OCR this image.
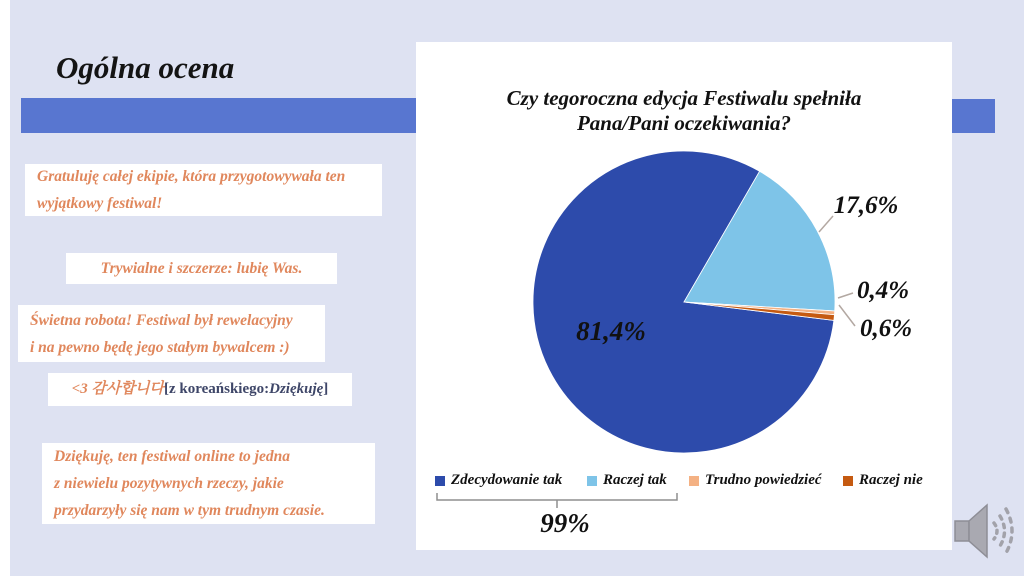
Ogólna ocena
Gratuluję całej ekipie, która przygotowywała ten
wyjątkowy festiwal!
Trywialne i szczerze: lubię Was.
Świetna robota! Festiwal był rewelacyjny
i na pewno będę jego stałym bywalcem :)
<3 감사합니다 [z koreańskiego: Dziękuję ]
Dziękuję, ten festiwal online to jedna
z niewielu pozytywnych rzeczy, jakie
przydarzyły się nam w tym trudnym czasie.
Czy tegoroczna edycja Festiwalu spełniła
Pana/Pani oczekiwania?
81,4%
17,6%
0,4%
0,6%
Zdecydowanie tak	Raczej tak	Trudno powiedzieć Raczej nie
99%
